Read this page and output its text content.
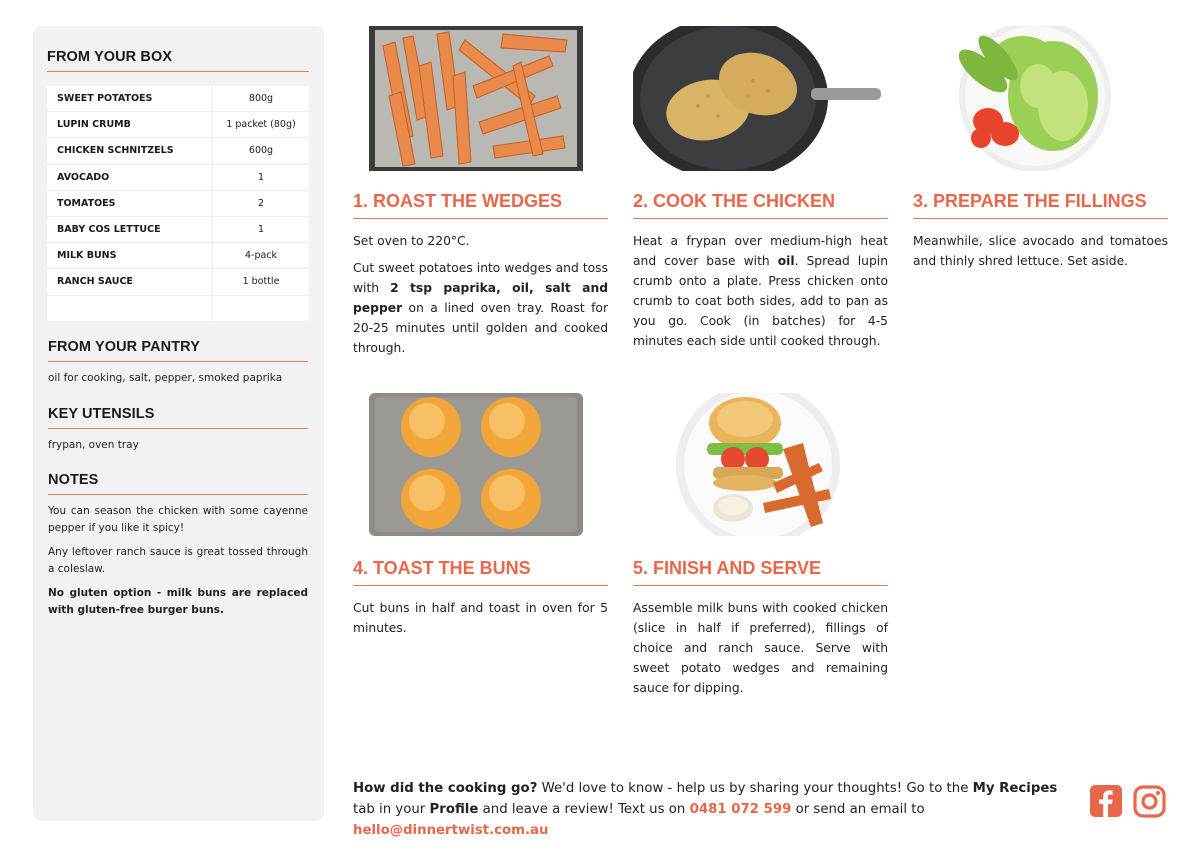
FROM YOUR BOX
SWEET POTATOES	800g
LUPIN CRUMB	1 packet (80g)
CHICKEN SCHNITZELS	600g
AVOCADO	1
TOMATOES	2
BABY COS LETTUCE	1
MILK BUNS	4-pack
RANCH SAUCE	1 bottle
FROM YOUR PANTRY
oil for cooking, salt, pepper, smoked paprika
KEY UTENSILS
frypan, oven tray
NOTES

You can season the chicken with some cayenne pepper if you like it spicy!

Any leftover ranch sauce is great tossed through a coleslaw.

No gluten option - milk buns are replaced with gluten-free burger buns.

1. ROAST THE WEDGES

Set oven to 220°C.

Cut sweet potatoes into wedges and toss with 2 tsp paprika, oil, salt and pepper on a lined oven tray. Roast for 20-25 minutes until golden and cooked through.

2. COOK THE CHICKEN

Heat a frypan over medium-high heat and cover base with oil. Spread lupin crumb onto a plate. Press chicken onto crumb to coat both sides, add to pan as you go. Cook (in batches) for 4-5 minutes each side until cooked through.

3. PREPARE THE FILLINGS

Meanwhile, slice avocado and tomatoes and thinly shred lettuce. Set aside.

4. TOAST THE BUNS

Cut buns in half and toast in oven for 5 minutes.

5. FINISH AND SERVE

Assemble milk buns with cooked chicken (slice in half if preferred), fillings of choice and ranch sauce. Serve with sweet potato wedges and remaining sauce for dipping.

How did the cooking go? We'd love to know - help us by sharing your thoughts! Go to the My Recipes tab in your Profile and leave a review! Text us on 0481 072 599 or send an email to hello@dinnertwist.com.au
